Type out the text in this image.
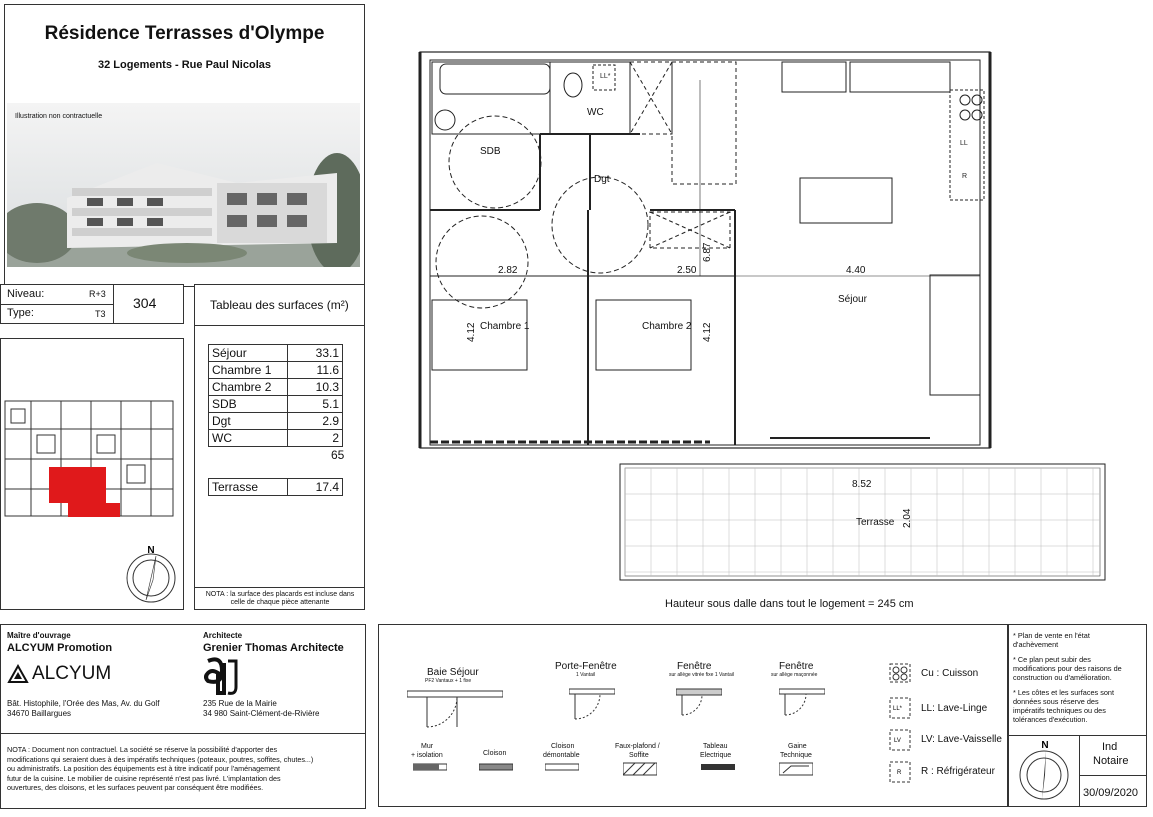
Résidence Terrasses d'Olympe
32 Logements - Rue Paul Nicolas
Illustration non contractuelle
Niveau:	R+3
Type:	T3
304	Tableau des surfaces (m²)
Séjour	33.1
Chambre 1	11.6
Chambre 2	10.3
SDB	5.1
Dgt	2.9
WC	2
65
Terrasse	17.4
NOTA : la surface des placards est incluse dans celle de chaque pièce attenante
N
SDB
WC
Dgt
Séjour
Chambre 1	Chambre 2
Terrasse
LL
R
LL*
2.82	2.50	4.40
8.52
6.87
4.12	4.12
2.04
Hauteur sous dalle dans tout le logement = 245 cm
Maître d'ouvrage
ALCYUM Promotion
ALCYUM
Bât. Histophile, l'Orée des Mas, Av. du Golf
34670 Baillargues
Architecte
Grenier Thomas Architecte
235 Rue de la Mairie
34 980 Saint-Clément-de-Rivière
NOTA : Document non contractuel. La société se réserve la possibilité d'apporter des
modifications qui seraient dues à des impératifs techniques (poteaux, poutres, soffites, chutes...)
ou administratifs. La position des équipements est à titre indicatif pour l'aménagement
futur de la cuisine. Le mobilier de cuisine représenté n'est pas livré. L'implantation des
ouvertures, des cloisons, et les surfaces peuvent par conséquent être modifiées.
Baie Séjour
PF2 Vantaux + 1 fixe
Porte-Fenêtre
1 Vantail
Fenêtre
sur allège vitrée fixe 1 Vantail
Fenêtre
sur allège maçonnée
Mur
+ isolation	Cloison
Cloison
démontable
Faux-plafond /
Soffite
Tableau
Electrique
Gaine
Technique
Cu : Cuisson
LL* LL: Lave-Linge
LV LV: Lave-Vaisselle
R R : Réfrigérateur
* Plan de vente en l'état
d'achèvement
* Ce plan peut subir des
modifications pour des raisons de
construction ou d'amélioration.
* Les côtes et les surfaces sont
données sous réserve des
impératifs techniques ou des
tolérances d'exécution.
N	Ind
Notaire
30/09/2020
